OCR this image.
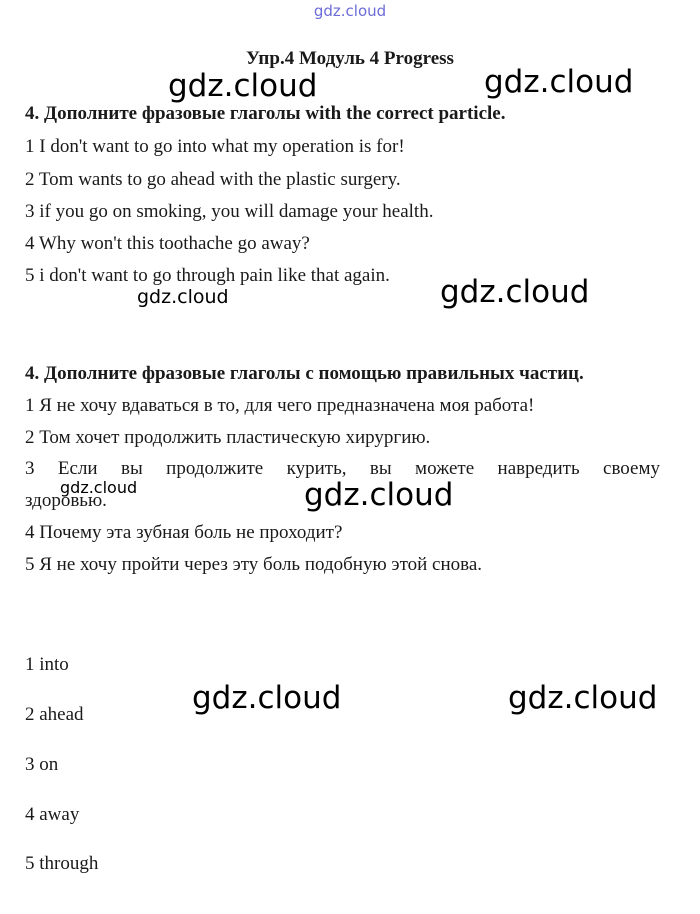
gdz.cloud
Упр.4 Модуль 4 Progress
4. Дополните фразовые глаголы with the correct particle.
1 I don't want to go into what my operation is for!
2 Tom wants to go ahead with the plastic surgery.
3 if you go on smoking, you will damage your health.
4 Why won't this toothache go away?
5 i don't want to go through pain like that again.
4. Дополните фразовые глаголы с помощью правильных частиц.
1 Я не хочу вдаваться в то, для чего предназначена моя работа!
2 Том хочет продолжить пластическую хирургию.
3 Если вы продолжите курить, вы можете навредить своему
здоровью.
4 Почему эта зубная боль не проходит?
5 Я не хочу пройти через эту боль подобную этой снова.
1 into
2 ahead
3 on
4 away
5 through
gdz.cloud	gdz.cloud
gdz.cloud	gdz.cloud
gdz.cloud	gdz.cloud
gdz.cloud	gdz.cloud
